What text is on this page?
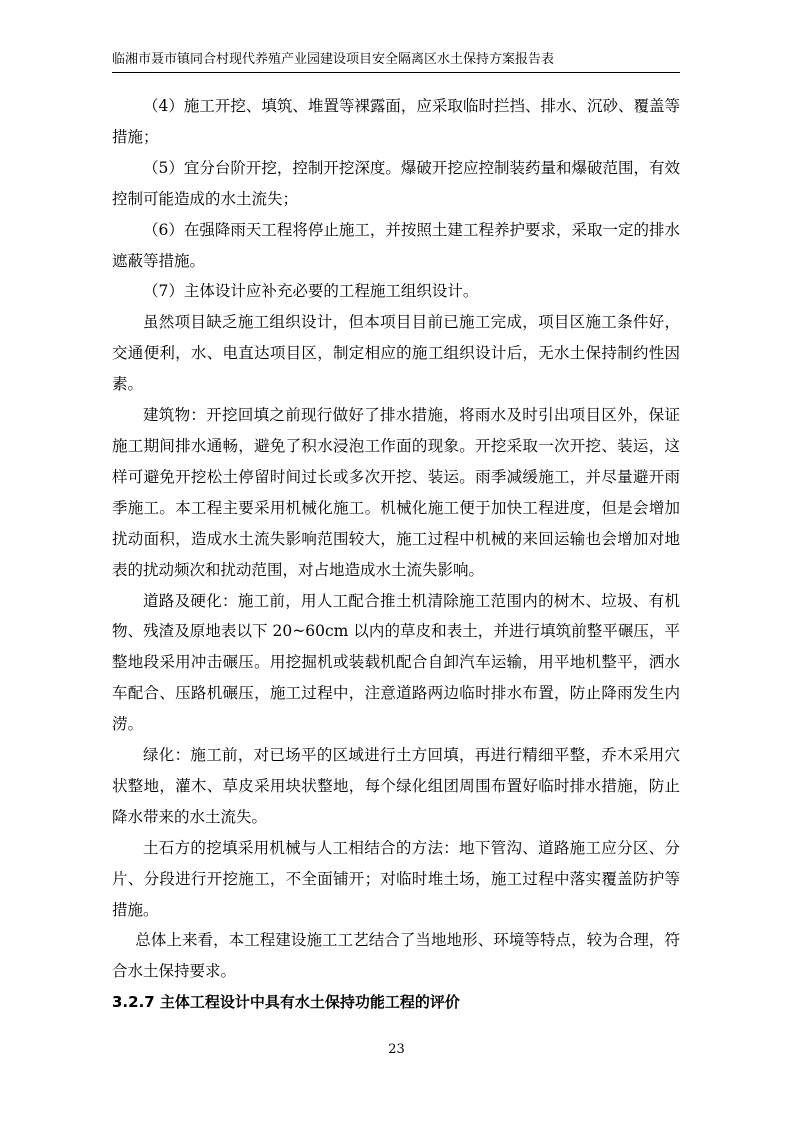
临湘市聂市镇同合村现代养殖产业园建设项目安全隔离区水土保持方案报告表

（4）施工开挖、填筑、堆置等裸露面，应采取临时拦挡、排水、沉砂、覆盖等措施；

（5）宜分台阶开挖，控制开挖深度。爆破开挖应控制装药量和爆破范围，有效控制可能造成的水土流失；

（6）在强降雨天工程将停止施工，并按照土建工程养护要求，采取一定的排水遮蔽等措施。

（7）主体设计应补充必要的工程施工组织设计。

虽然项目缺乏施工组织设计，但本项目目前已施工完成，项目区施工条件好，交通便利，水、电直达项目区，制定相应的施工组织设计后，无水土保持制约性因素。

建筑物：开挖回填之前现行做好了排水措施，将雨水及时引出项目区外，保证施工期间排水通畅，避免了积水浸泡工作面的现象。开挖采取一次开挖、装运，这样可避免开挖松土停留时间过长或多次开挖、装运。雨季减缓施工，并尽量避开雨季施工。本工程主要采用机械化施工。机械化施工便于加快工程进度，但是会增加扰动面积，造成水土流失影响范围较大，施工过程中机械的来回运输也会增加对地表的扰动频次和扰动范围，对占地造成水土流失影响。

道路及硬化：施工前，用人工配合推土机清除施工范围内的树木、垃圾、有机物、残渣及原地表以下 20~60cm 以内的草皮和表土，并进行填筑前整平碾压，平整地段采用冲击碾压。用挖掘机或装载机配合自卸汽车运输，用平地机整平，洒水车配合、压路机碾压，施工过程中，注意道路两边临时排水布置，防止降雨发生内涝。

绿化：施工前，对已场平的区域进行土方回填，再进行精细平整，乔木采用穴状整地，灌木、草皮采用块状整地，每个绿化组团周围布置好临时排水措施，防止降水带来的水土流失。

土石方的挖填采用机械与人工相结合的方法：地下管沟、道路施工应分区、分片、分段进行开挖施工，不全面铺开；对临时堆土场，施工过程中落实覆盖防护等措施。

总体上来看，本工程建设施工工艺结合了当地地形、环境等特点，较为合理，符合水土保持要求。

3.2.7 主体工程设计中具有水土保持功能工程的评价

23
